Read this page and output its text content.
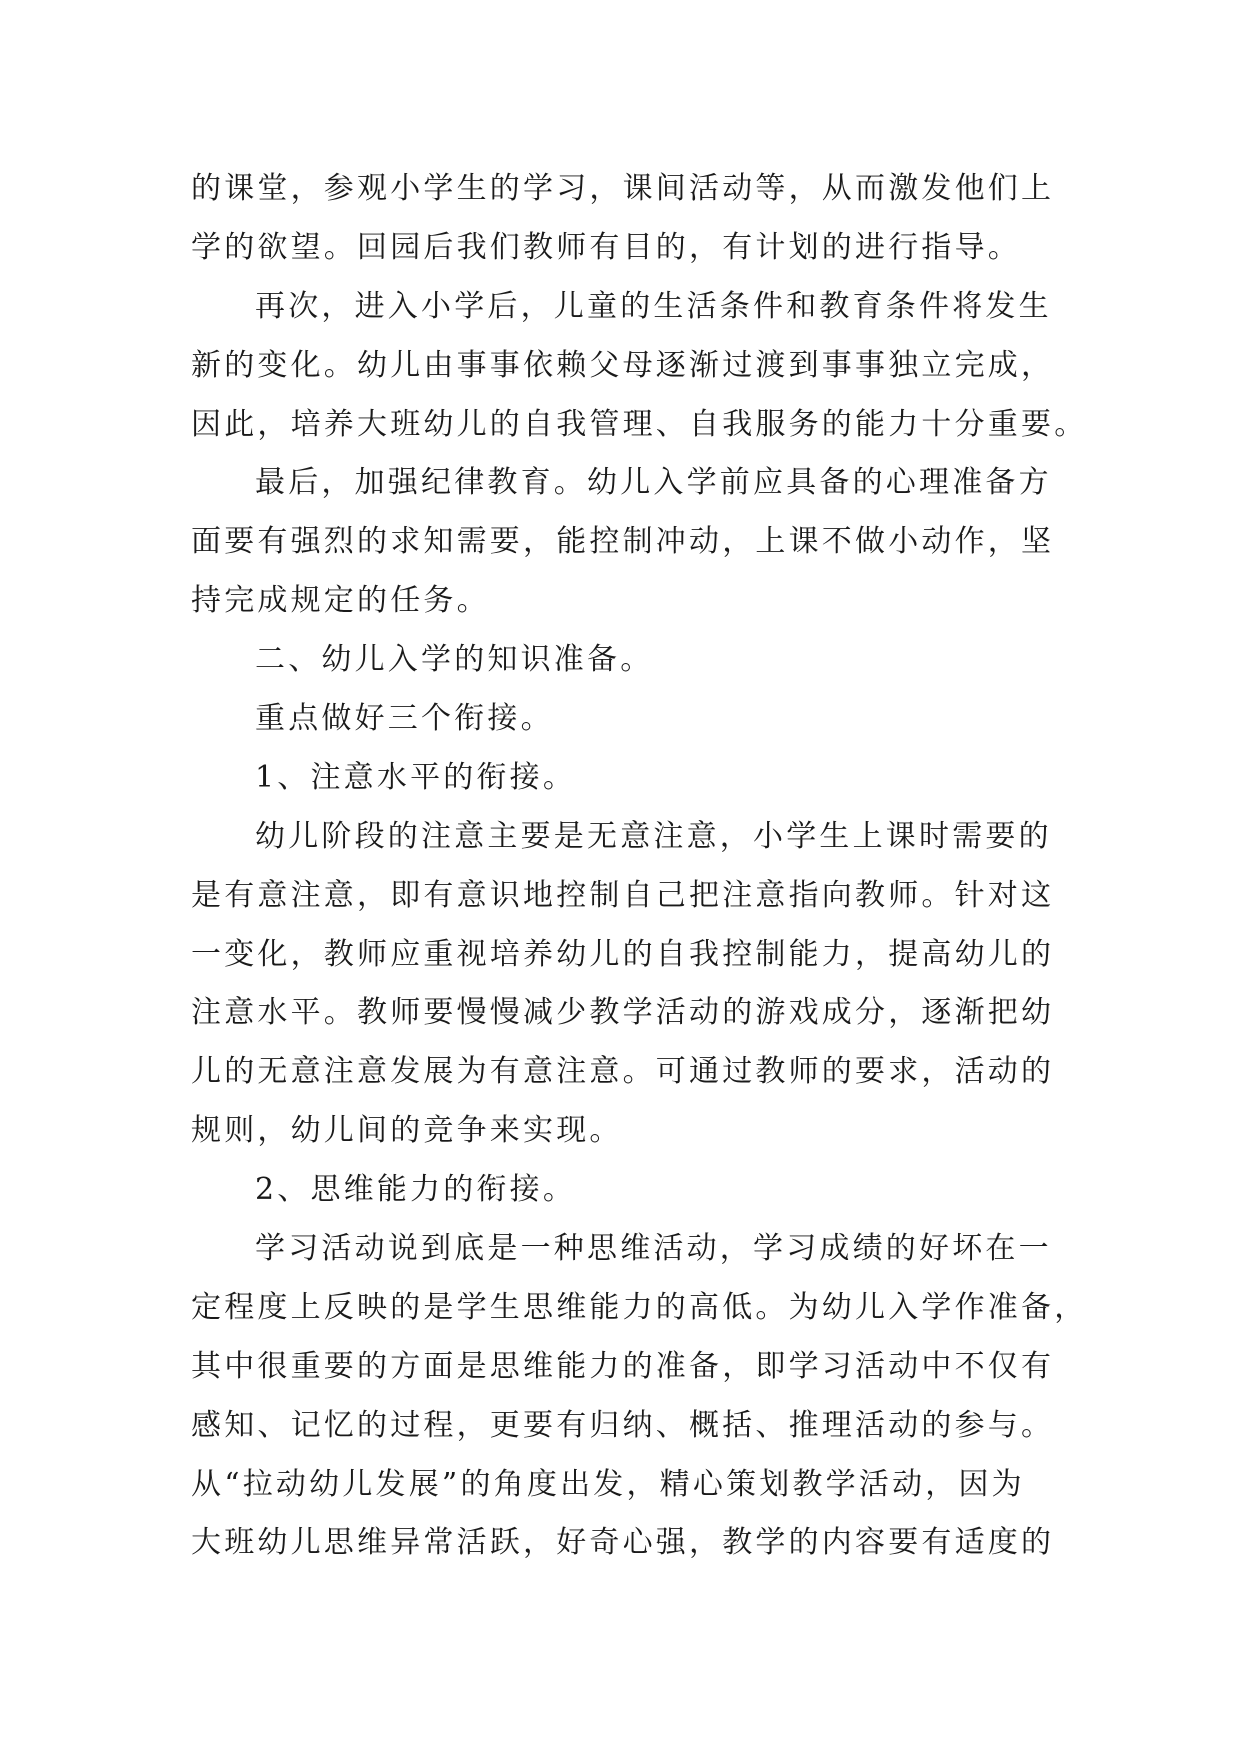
的课堂，参观小学生的学习，课间活动等，从而激发他们上
学的欲望。回园后我们教师有目的，有计划的进行指导。
再次，进入小学后，儿童的生活条件和教育条件将发生
新的变化。幼儿由事事依赖父母逐渐过渡到事事独立完成，
因此，培养大班幼儿的自我管理、自我服务的能力十分重要。
最后，加强纪律教育。幼儿入学前应具备的心理准备方
面要有强烈的求知需要，能控制冲动，上课不做小动作，坚
持完成规定的任务。
二、幼儿入学的知识准备。
重点做好三个衔接。
1、注意水平的衔接。
幼儿阶段的注意主要是无意注意，小学生上课时需要的
是有意注意，即有意识地控制自己把注意指向教师。针对这
一变化，教师应重视培养幼儿的自我控制能力，提高幼儿的
注意水平。教师要慢慢减少教学活动的游戏成分，逐渐把幼
儿的无意注意发展为有意注意。可通过教师的要求，活动的
规则，幼儿间的竞争来实现。
2、思维能力的衔接。
学习活动说到底是一种思维活动，学习成绩的好坏在一
定程度上反映的是学生思维能力的高低。为幼儿入学作准备，
其中很重要的方面是思维能力的准备，即学习活动中不仅有
感知、记忆的过程，更要有归纳、概括、推理活动的参与。
从“拉动幼儿发展”的角度出发，精心策划教学活动，因为
大班幼儿思维异常活跃，好奇心强，教学的内容要有适度的
